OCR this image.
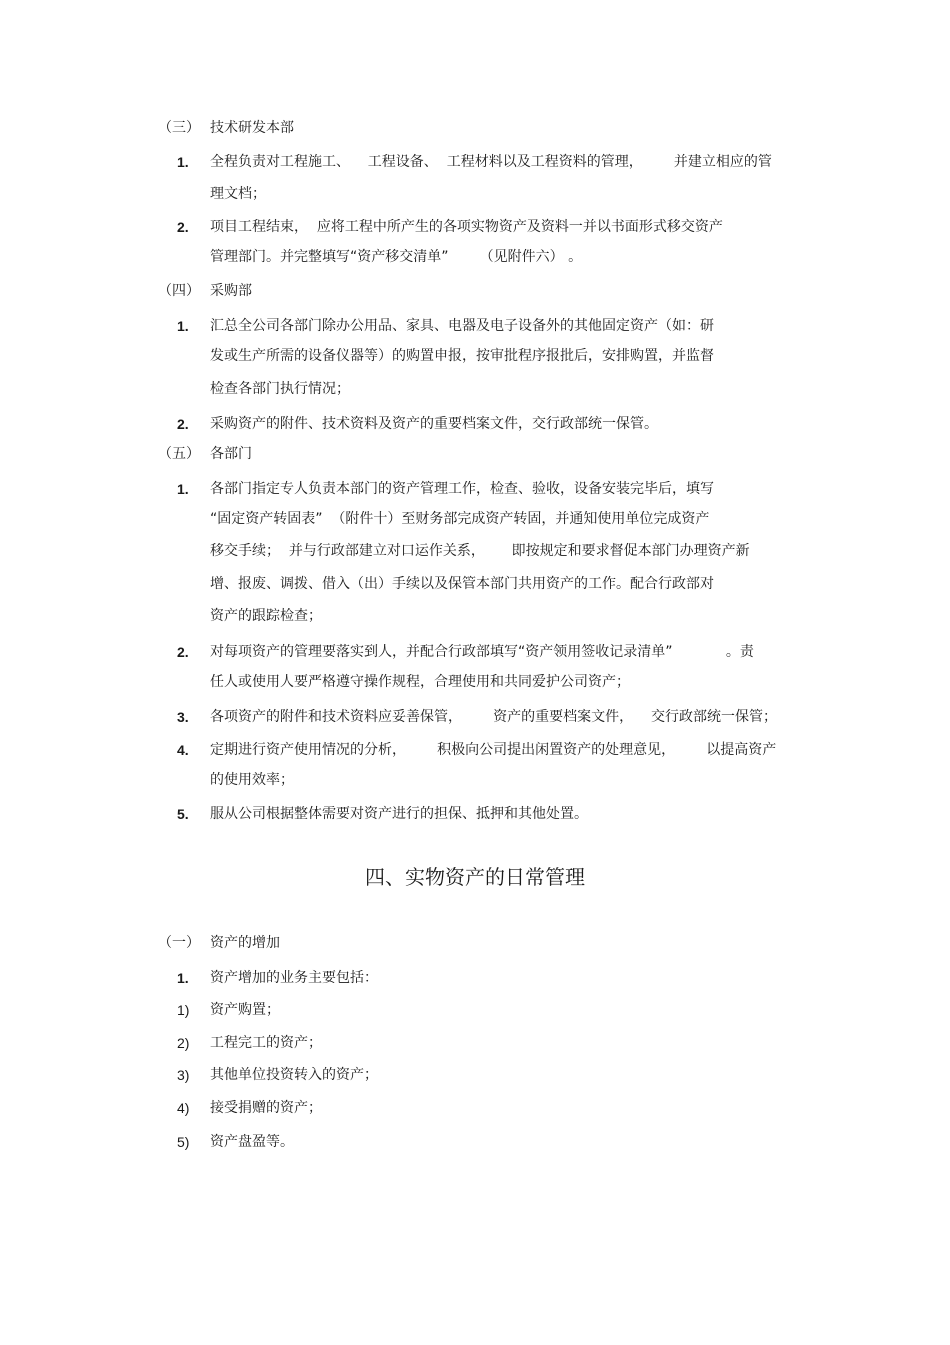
（三） 技术研发本部
1. 全程负责对工程施工、    工程设备、  工程材料以及工程资料的管理，       并建立相应的管
理文档；
2. 项目工程结束，  应将工程中所产生的各项实物资产及资料一并以书面形式移交资产
管理部门。并完整填写“资产移交清单”       （见附件六） 。
（四） 采购部
1. 汇总全公司各部门除办公用品、家具、电器及电子设备外的其他固定资产（如：研
发或生产所需的设备仪器等）的购置申报，按审批程序报批后，安排购置，并监督
检查各部门执行情况；
2. 采购资产的附件、技术资料及资产的重要档案文件，交行政部统一保管。
（五） 各部门
1. 各部门指定专人负责本部门的资产管理工作，检查、验收，设备安装完毕后，填写
“固定资产转固表”  （附件十）至财务部完成资产转固，并通知使用单位完成资产
移交手续；  并与行政部建立对口运作关系，      即按规定和要求督促本部门办理资产新
增、报废、调拨、借入（出）手续以及保管本部门共用资产的工作。配合行政部对
资产的跟踪检查；
2. 对每项资产的管理要落实到人，并配合行政部填写“资产领用签收记录清单”            。责
任人或使用人要严格遵守操作规程，合理使用和共同爱护公司资产；
3. 各项资产的附件和技术资料应妥善保管，       资产的重要档案文件，    交行政部统一保管；
4. 定期进行资产使用情况的分析，       积极向公司提出闲置资产的处理意见，       以提高资产
的使用效率；
5. 服从公司根据整体需要对资产进行的担保、抵押和其他处置。
四、实物资产的日常管理
（一） 资产的增加
1. 资产增加的业务主要包括：
1) 资产购置；
2) 工程完工的资产；
3) 其他单位投资转入的资产；
4) 接受捐赠的资产；
5) 资产盘盈等。
